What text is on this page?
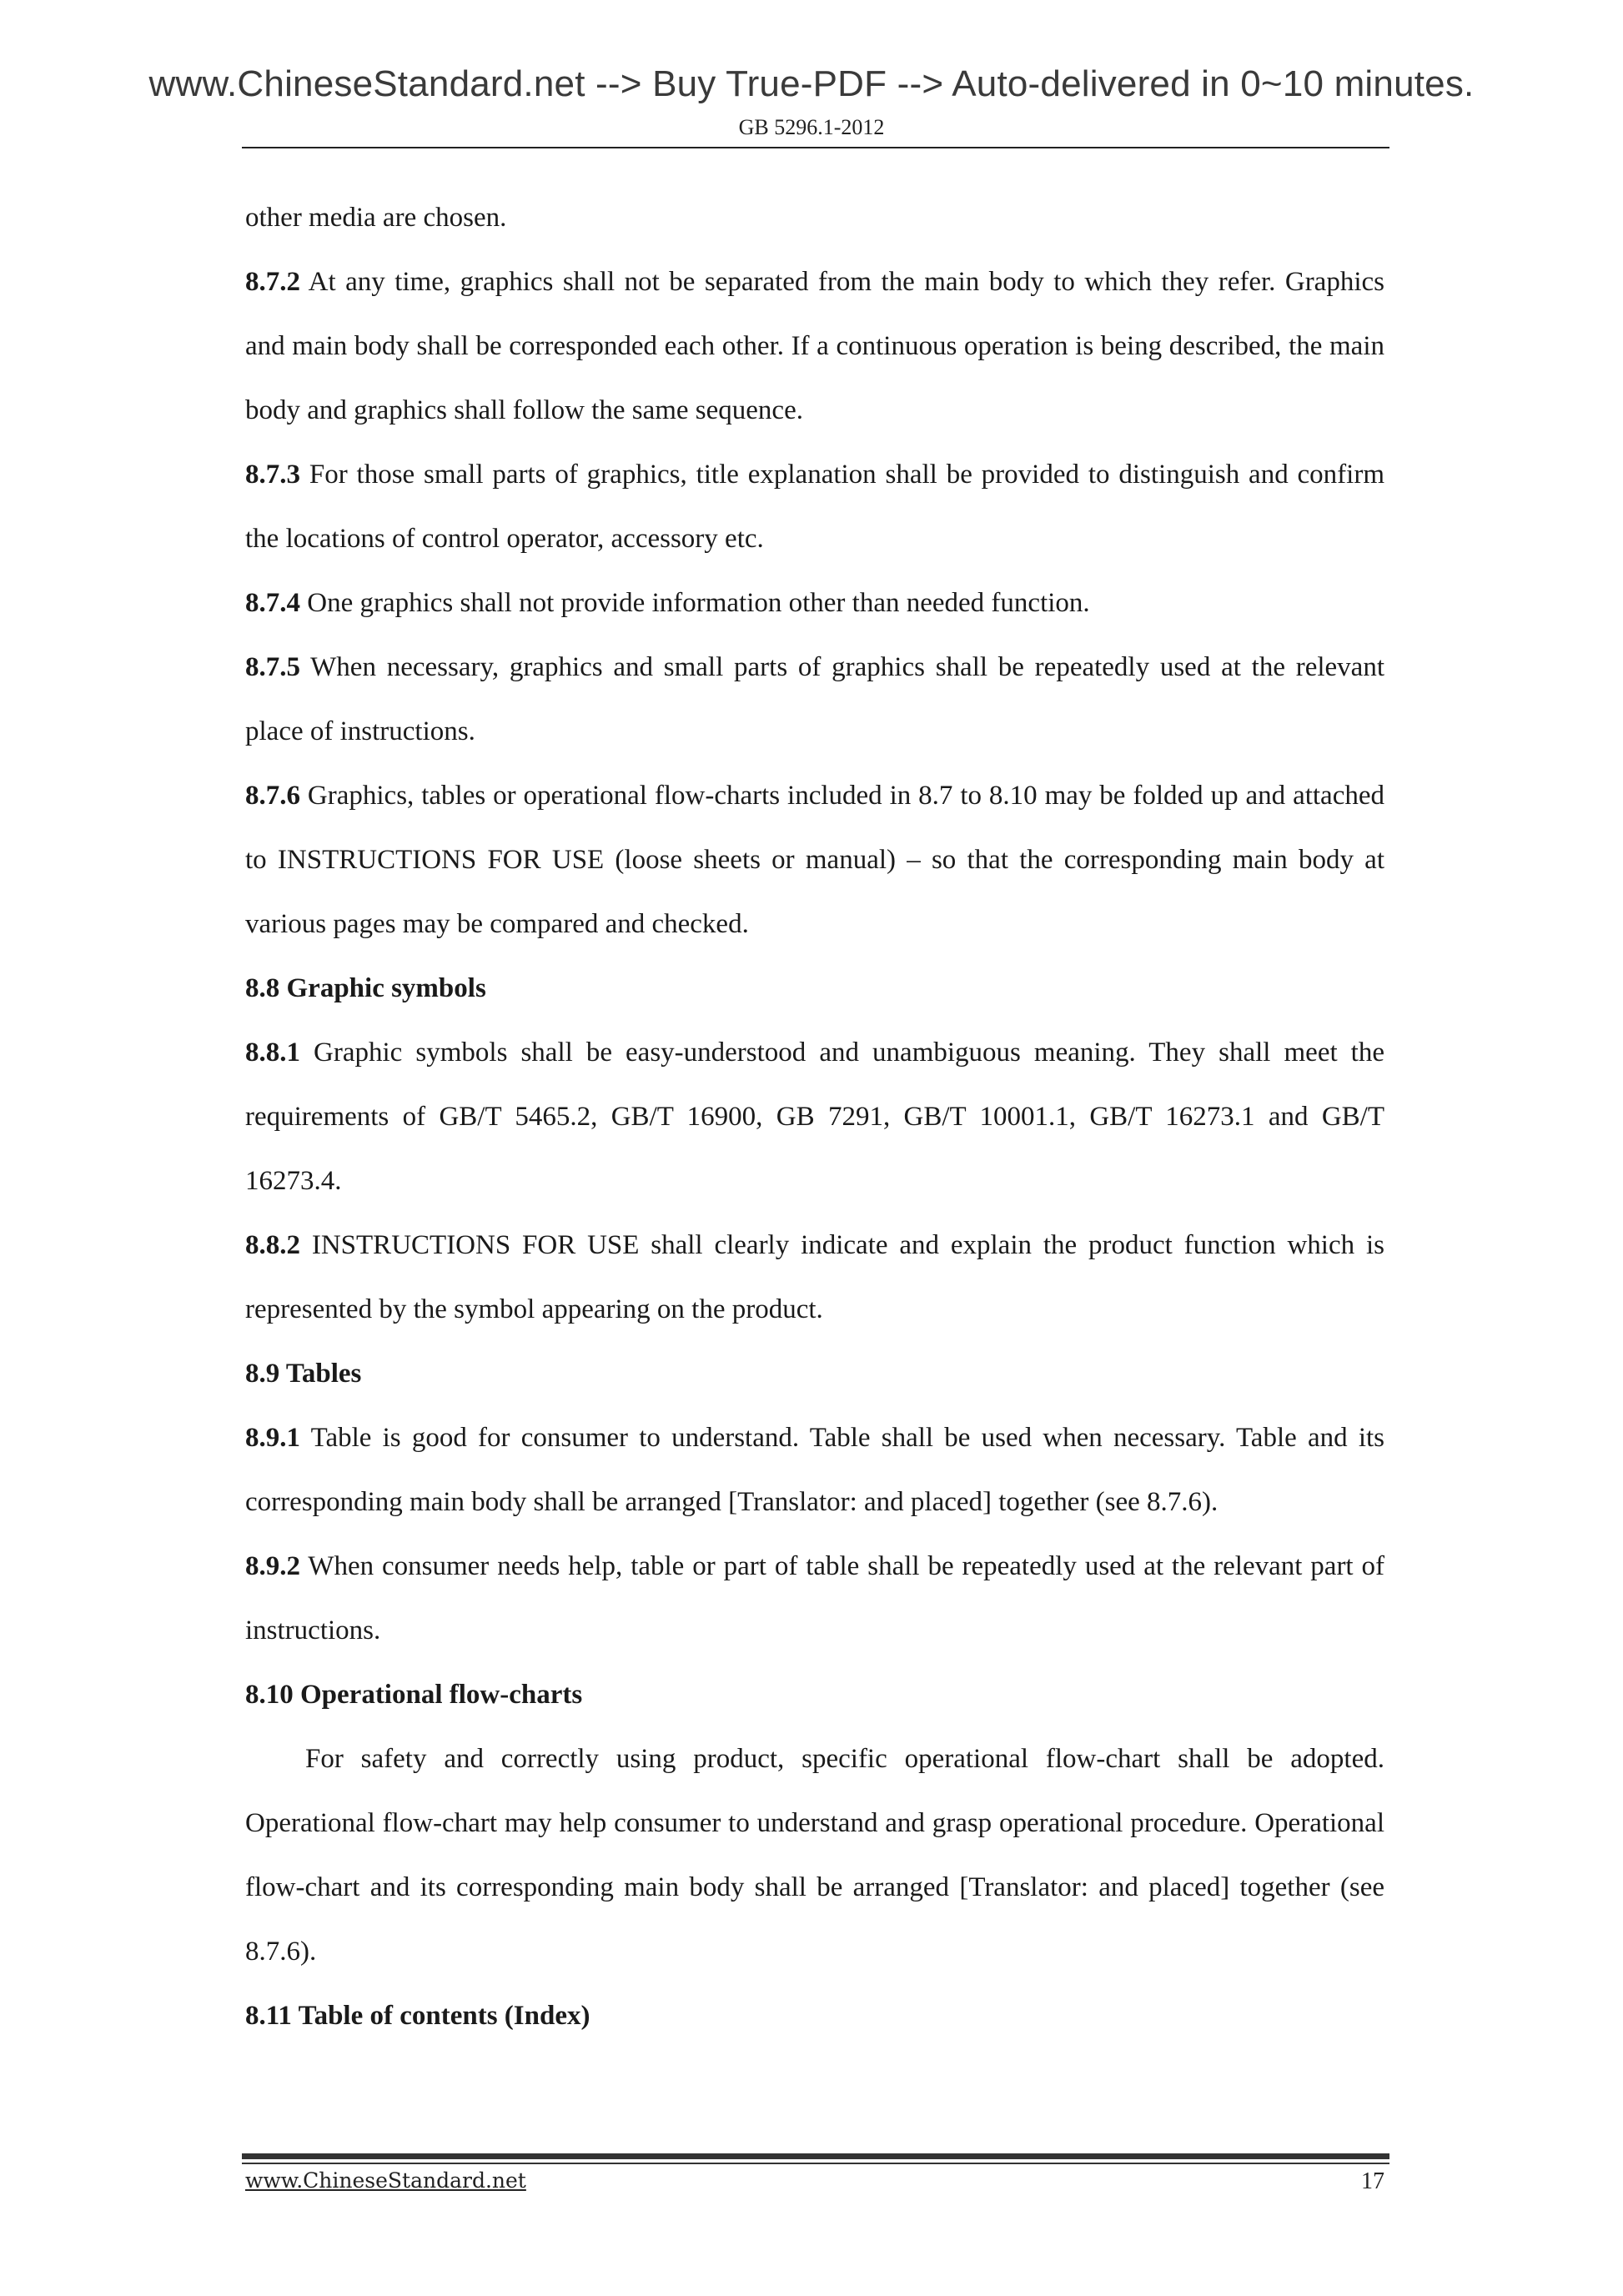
www.ChineseStandard.net --> Buy True-PDF --> Auto-delivered in 0~10 minutes.
GB 5296.1-2012

other media are chosen.

8.7.2 At any time, graphics shall not be separated from the main body to which they refer. Graphics and main body shall be corresponded each other. If a continuous operation is being described, the main body and graphics shall follow the same sequence.

8.7.3 For those small parts of graphics, title explanation shall be provided to distinguish and confirm the locations of control operator, accessory etc.

8.7.4 One graphics shall not provide information other than needed function.

8.7.5 When necessary, graphics and small parts of graphics shall be repeatedly used at the relevant place of instructions.

8.7.6 Graphics, tables or operational flow-charts included in 8.7 to 8.10 may be folded up and attached to INSTRUCTIONS FOR USE (loose sheets or manual) – so that the corresponding main body at various pages may be compared and checked.

8.8 Graphic symbols

8.8.1 Graphic symbols shall be easy-understood and unambiguous meaning. They shall meet the requirements of GB/T 5465.2, GB/T 16900, GB 7291, GB/T 10001.1, GB/T 16273.1 and GB/T 16273.4.

8.8.2 INSTRUCTIONS FOR USE shall clearly indicate and explain the product function which is represented by the symbol appearing on the product.

8.9 Tables

8.9.1 Table is good for consumer to understand. Table shall be used when necessary. Table and its corresponding main body shall be arranged [Translator: and placed] together (see 8.7.6).

8.9.2 When consumer needs help, table or part of table shall be repeatedly used at the relevant part of instructions.

8.10 Operational flow-charts

For safety and correctly using product, specific operational flow-chart shall be adopted. Operational flow-chart may help consumer to understand and grasp operational procedure. Operational flow-chart and its corresponding main body shall be arranged [Translator: and placed] together (see 8.7.6).

8.11 Table of contents (Index)

www.ChineseStandard.net	17
